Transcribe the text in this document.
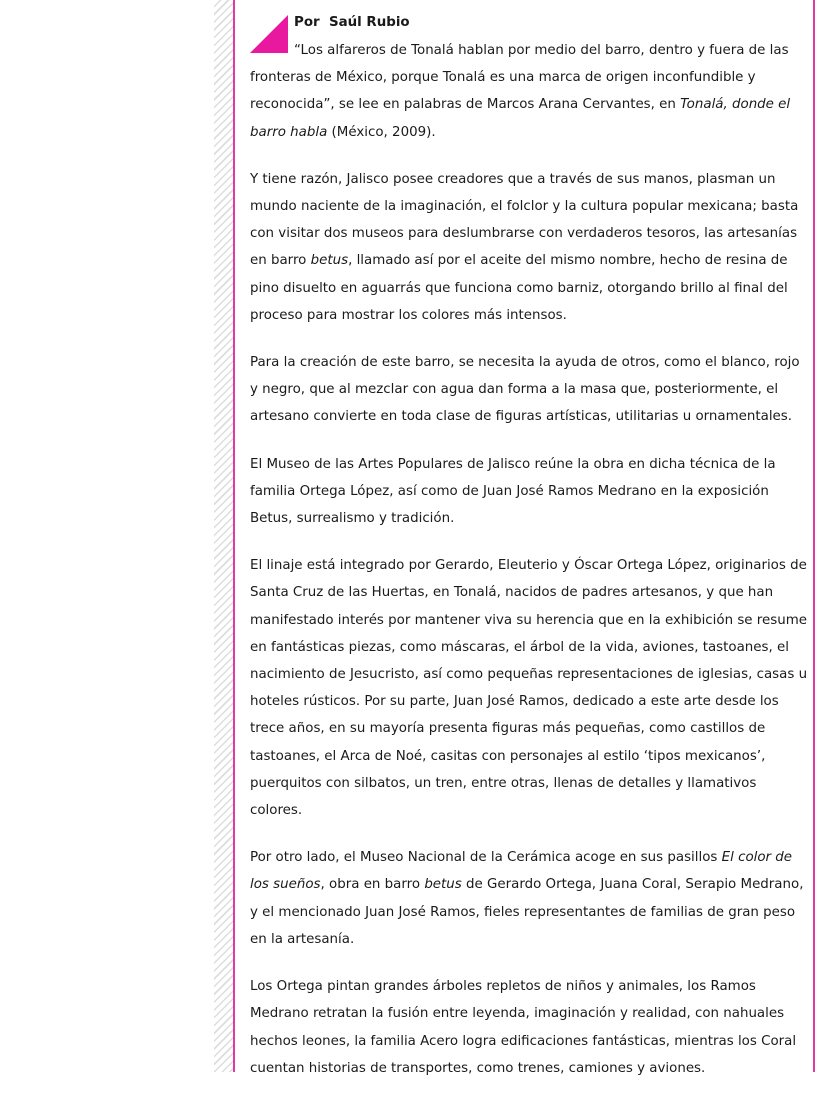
Por Saúl Rubio

“Los alfareros de Tonalá hablan por medio del barro, dentro y fuera de las fronteras de México, porque Tonalá es una marca de origen inconfundible y reconocida”, se lee en palabras de Marcos Arana Cervantes, en Tonalá, donde el barro habla (México, 2009).

Y tiene razón, Jalisco posee creadores que a través de sus manos, plasman un mundo naciente de la imaginación, el folclor y la cultura popular mexicana; basta con visitar dos museos para deslumbrarse con verdaderos tesoros, las artesanías en barro betus, llamado así por el aceite del mismo nombre, hecho de resina de pino disuelto en aguarrás que funciona como barniz, otorgando brillo al final del proceso para mostrar los colores más intensos.

Para la creación de este barro, se necesita la ayuda de otros, como el blanco, rojo y negro, que al mezclar con agua dan forma a la masa que, posteriormente, el artesano convierte en toda clase de figuras artísticas, utilitarias u ornamentales.

El Museo de las Artes Populares de Jalisco reúne la obra en dicha técnica de la familia Ortega López, así como de Juan José Ramos Medrano en la exposición Betus, surrealismo y tradición.

El linaje está integrado por Gerardo, Eleuterio y Óscar Ortega López, originarios de Santa Cruz de las Huertas, en Tonalá, nacidos de padres artesanos, y que han manifestado interés por mantener viva su herencia que en la exhibición se resume en fantásticas piezas, como máscaras, el árbol de la vida, aviones, tastoanes, el nacimiento de Jesucristo, así como pequeñas representaciones de iglesias, casas u hoteles rústicos. Por su parte, Juan José Ramos, dedicado a este arte desde los trece años, en su mayoría presenta figuras más pequeñas, como castillos de tastoanes, el Arca de Noé, casitas con personajes al estilo ‘tipos mexicanos’, puerquitos con silbatos, un tren, entre otras, llenas de detalles y llamativos colores.

Por otro lado, el Museo Nacional de la Cerámica acoge en sus pasillos El color de los sueños, obra en barro betus de Gerardo Ortega, Juana Coral, Serapio Medrano, y el mencionado Juan José Ramos, fieles representantes de familias de gran peso en la artesanía.

Los Ortega pintan grandes árboles repletos de niños y animales, los Ramos Medrano retratan la fusión entre leyenda, imaginación y realidad, con nahuales hechos leones, la familia Acero logra edificaciones fantásticas, mientras los Coral cuentan historias de transportes, como trenes, camiones y aviones.
